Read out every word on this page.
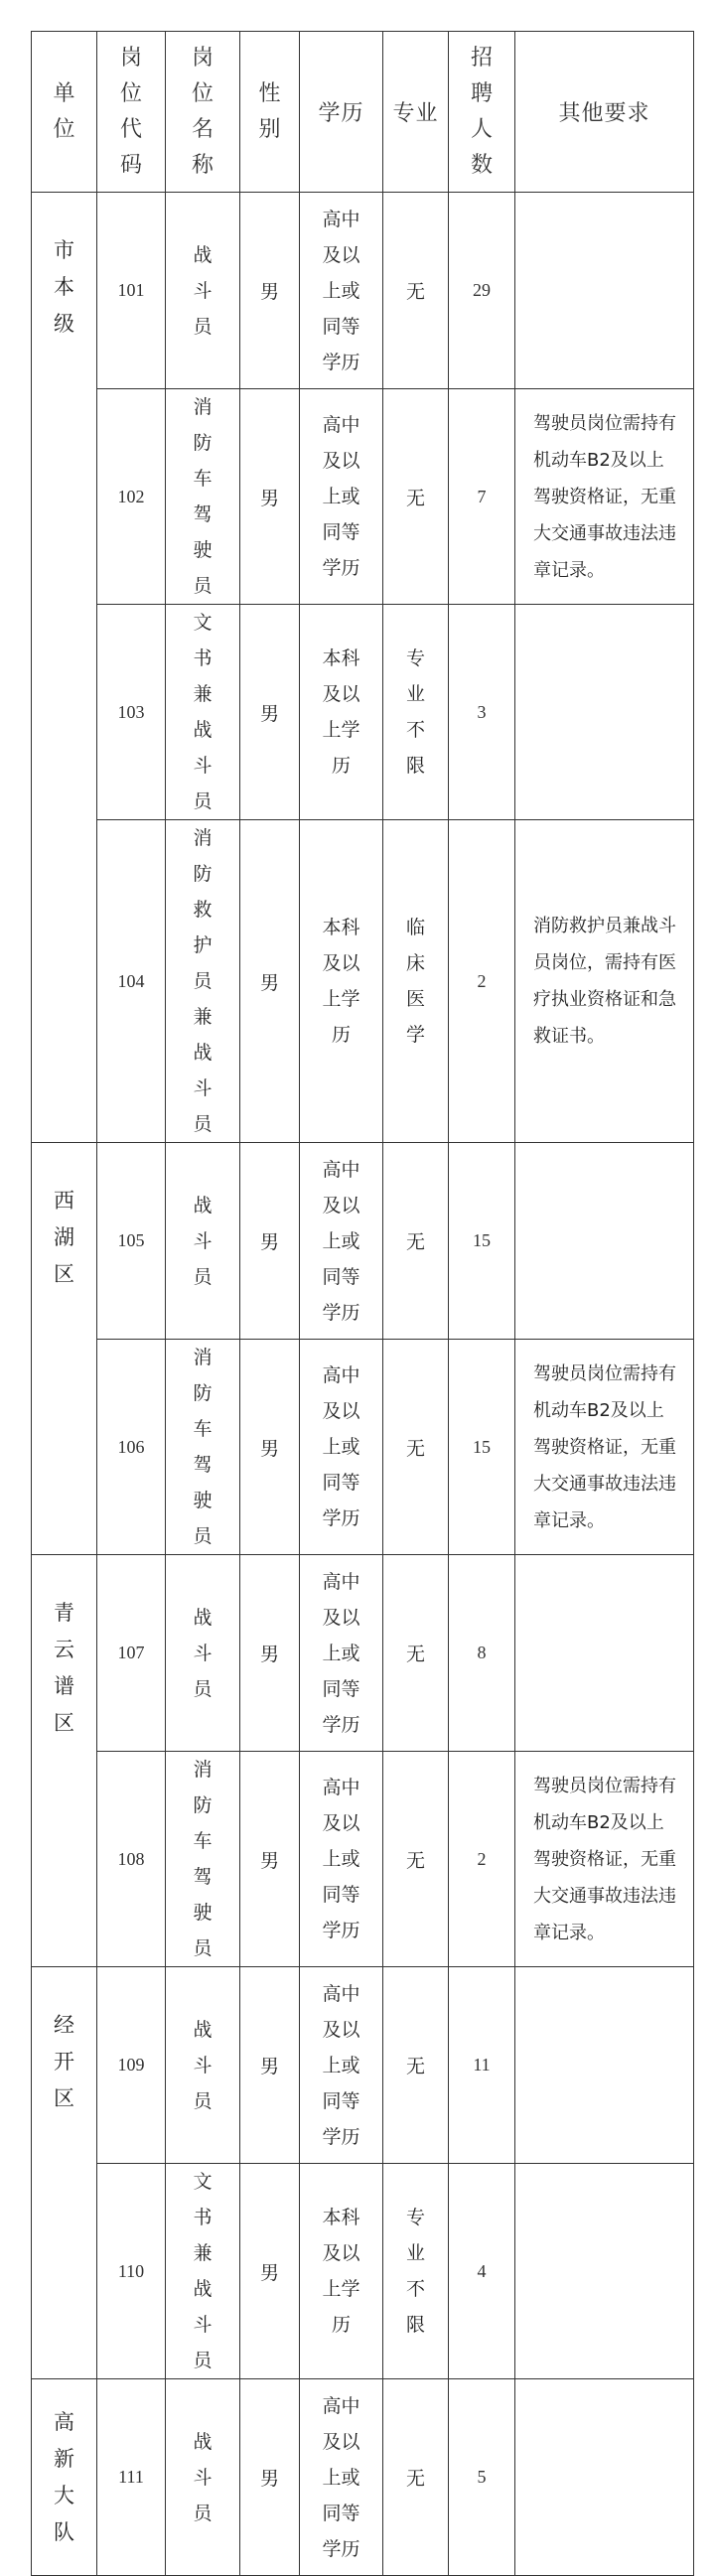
单位	岗位代码	岗位名称	性别	学历	专业	招聘人数	其他要求
市本级	101	战斗员	男	高中及以上或同等学历	无	29	
	102	消防车驾驶员	男	高中及以上或同等学历	无	7	驾驶员岗位需持有机动车B2及以上驾驶资格证，无重大交通事故违法违章记录。
	103	文书兼战斗员	男	本科及以上学历	专业不限	3	
	104	消防救护员兼战斗员	男	本科及以上学历	临床医学	2	消防救护员兼战斗员岗位，需持有医疗执业资格证和急救证书。
西湖区	105	战斗员	男	高中及以上或同等学历	无	15	
	106	消防车驾驶员	男	高中及以上或同等学历	无	15	驾驶员岗位需持有机动车B2及以上驾驶资格证，无重大交通事故违法违章记录。
青云谱区	107	战斗员	男	高中及以上或同等学历	无	8	
	108	消防车驾驶员	男	高中及以上或同等学历	无	2	驾驶员岗位需持有机动车B2及以上驾驶资格证，无重大交通事故违法违章记录。
经开区	109	战斗员	男	高中及以上或同等学历	无	11	
	110	文书兼战斗员	男	本科及以上学历	专业不限	4	
高新大队	111	战斗员	男	高中及以上或同等学历	无	5	
